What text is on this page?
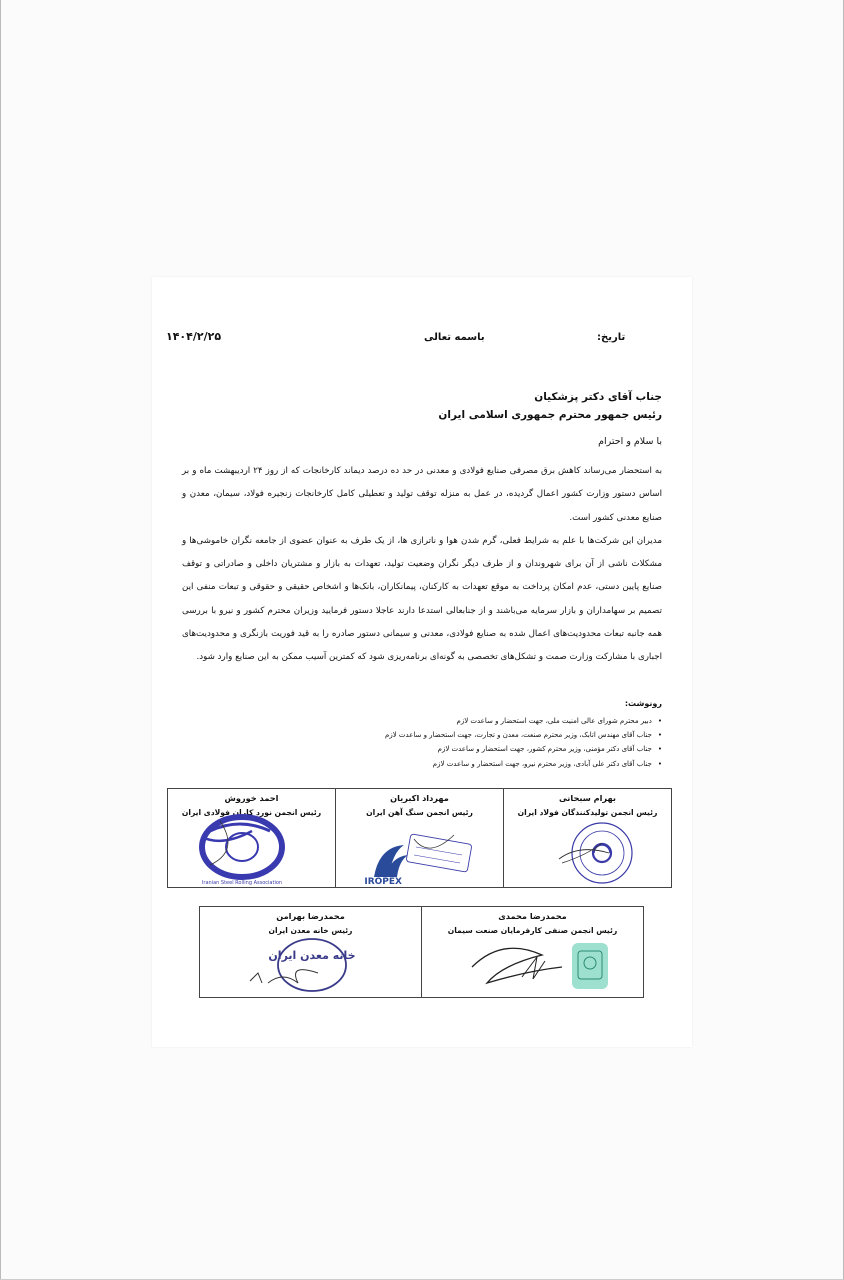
باسمه تعالی	تاریخ:
۱۴۰۴/۲/۲۵
جناب آقای دکتر پزشکیان
رئیس جمهور محترم جمهوری اسلامی ایران
با سلام و احترام

به استحضار می‌رساند کاهش برق مصرفی صنایع فولادی و معدنی در حد ده درصد دیماند کارخانجات که از روز ۲۴ اردیبهشت ماه و بر اساس دستور وزارت کشور اعمال گردیده، در عمل به منزله توقف تولید و تعطیلی کامل کارخانجات زنجیره فولاد، سیمان، معدن و صنایع معدنی کشور است.

مدیران این شرکت‌ها با علم به شرایط فعلی، گرم شدن هوا و ناترازی ها، از یک طرف به عنوان عضوی از جامعه نگران خاموشی‌ها و مشکلات ناشی از آن برای شهروندان و از طرف دیگر نگران وضعیت تولید، تعهدات به بازار و مشتریان داخلی و صادراتی و توقف صنایع پایین دستی، عدم امکان پرداخت به موقع تعهدات به کارکنان، پیمانکاران، بانک‌ها و اشخاص حقیقی و حقوقی و تبعات منفی این تصمیم بر سهامداران و بازار سرمایه می‌باشند و از جنابعالی استدعا دارند عاجلا دستور فرمایید وزیران محترم کشور و نیرو با بررسی همه جانبه تبعات محدودیت‌های اعمال شده به صنایع فولادی، معدنی و سیمانی دستور صادره را به قید فوریت بازنگری و محدودیت‌های اجباری با مشارکت وزارت صمت و تشکل‌های تخصصی به گونه‌ای برنامه‌ریزی شود که کمترین آسیب ممکن به این صنایع وارد شود.

رونوشت:
• دبیر محترم شورای عالی امنیت ملی، جهت استحضار و ساعدت لازم
• جناب آقای مهندس اتابک، وزیر محترم صنعت، معدن و تجارت، جهت استحضار و ساعدت لازم
• جناب آقای دکتر مؤمنی، وزیر محترم کشور، جهت استحضار و ساعدت لازم
• جناب آقای دکتر علی آبادی، وزیر محترم نیرو، جهت استحضار و ساعدت لازم
بهرام سبحانی
رئیس انجمن تولیدکنندگان فولاد ایران
مهرداد اکبریان
رئیس انجمن سنگ آهن ایران
IROPEX
احمد خوروش
رئیس انجمن نورد کاران فولادی ایران
Iranian Steel Rolling Association
محمدرضا محمدی
رئیس انجمن صنفی کارفرمایان صنعت سیمان
محمدرضا بهرامن
رئیس خانه معدن ایران
خانه معدن ایران
